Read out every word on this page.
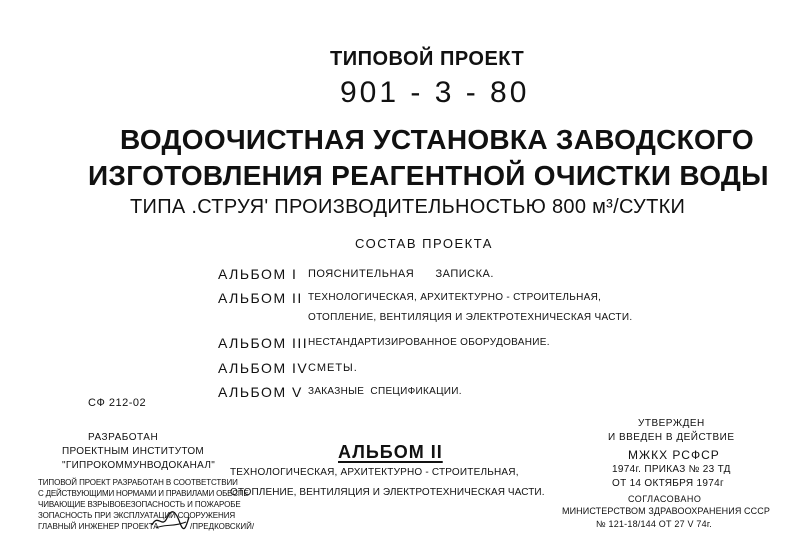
ТИПОВОЙ ПРОЕКТ
901 - 3 - 80
ВОДООЧИСТНАЯ УСТАНОВКА ЗАВОДСКОГО
ИЗГОТОВЛЕНИЯ РЕАГЕНТНОЙ ОЧИСТКИ ВОДЫ
ТИПА .СТРУЯ' ПРОИЗВОДИТЕЛЬНОСТЬЮ 800 м³/СУТКИ
СОСТАВ ПРОЕКТА
АЛЬБОМ I ПОЯСНИТЕЛЬНАЯ      ЗАПИСКА.
АЛЬБОМ II ТЕХНОЛОГИЧЕСКАЯ, АРХИТЕКТУРНО - СТРОИТЕЛЬНАЯ,
ОТОПЛЕНИЕ, ВЕНТИЛЯЦИЯ И ЭЛЕКТРОТЕХНИЧЕСКАЯ ЧАСТИ.
АЛЬБОМ III НЕСТАНДАРТИЗИРОВАННОЕ ОБОРУДОВАНИЕ.
АЛЬБОМ IV СМЕТЫ.
АЛЬБОМ V ЗАКАЗНЫЕ  СПЕЦИФИКАЦИИ.
СФ 212-02
РАЗРАБОТАН
ПРОЕКТНЫМ ИНСТИТУТОМ
"ГИПРОКОММУНВОДОКАНАЛ"
ТИПОВОЙ ПРОЕКТ РАЗРАБОТАН В СООТВЕТСТВИИ
С ДЕЙСТВУЮЩИМИ НОРМАМИ И ПРАВИЛАМИ ОБЕСПЕ
ЧИВАЮЩИЕ ВЗРЫВОБЕЗОПАСНОСТЬ И ПОЖАРОБЕ
ЗОПАСНОСТЬ ПРИ ЭКСПЛУАТАЦИИ СООРУЖЕНИЯ
ГЛАВНЫЙ ИНЖЕНЕР ПРОЕКТА	/ПРЕДКОВСКИЙ/
АЛЬБОМ II
ТЕХНОЛОГИЧЕСКАЯ, АРХИТЕКТУРНО - СТРОИТЕЛЬНАЯ,
ОТОПЛЕНИЕ, ВЕНТИЛЯЦИЯ И ЭЛЕКТРОТЕХНИЧЕСКАЯ ЧАСТИ.
УТВЕРЖДЕН
И ВВЕДЕН В ДЕЙСТВИЕ
МЖКХ РСФСР
1974г. ПРИКАЗ № 23 ТД
ОТ 14 ОКТЯБРЯ 1974г
СОГЛАСОВАНО
МИНИСТЕРСТВОМ ЗДРАВООХРАНЕНИЯ СССР
№ 121-18/144 ОТ 27 V 74г.
